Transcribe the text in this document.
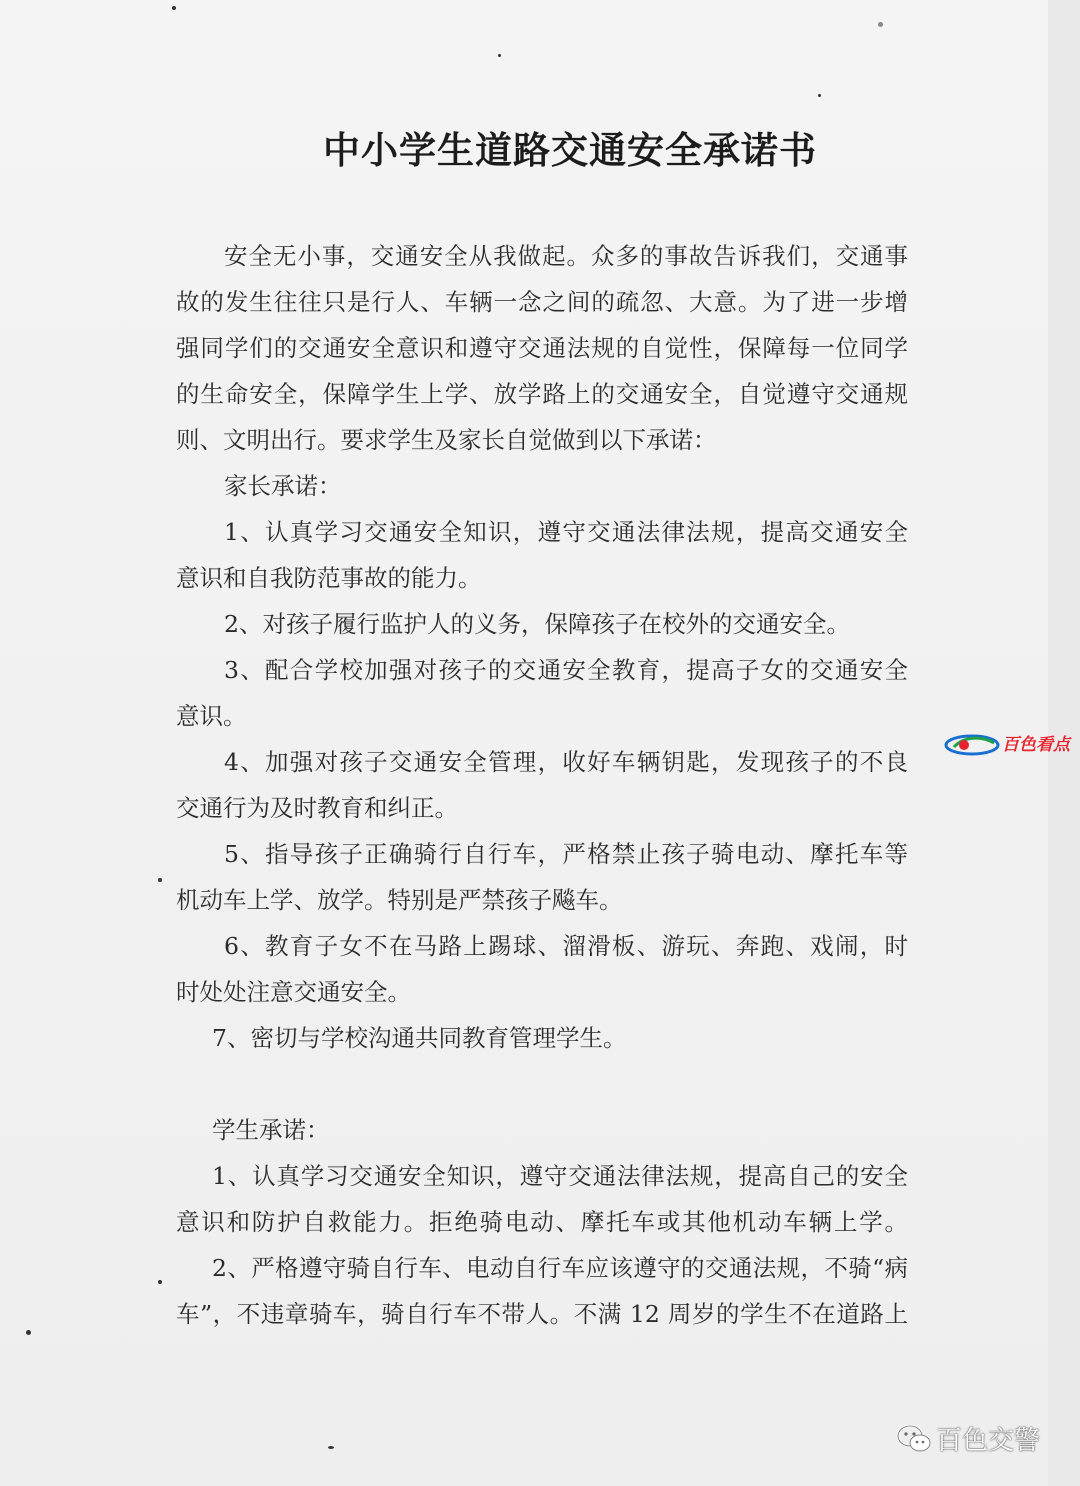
中小学生道路交通安全承诺书
安全无小事，交通安全从我做起。众多的事故告诉我们，交通事
故的发生往往只是行人、车辆一念之间的疏忽、大意。为了进一步增
强同学们的交通安全意识和遵守交通法规的自觉性，保障每一位同学
的生命安全，保障学生上学、放学路上的交通安全，自觉遵守交通规
则、文明出行。要求学生及家长自觉做到以下承诺：
家长承诺：
1、认真学习交通安全知识，遵守交通法律法规，提高交通安全
意识和自我防范事故的能力。
2、对孩子履行监护人的义务，保障孩子在校外的交通安全。
3、配合学校加强对孩子的交通安全教育，提高子女的交通安全
意识。
4、加强对孩子交通安全管理，收好车辆钥匙，发现孩子的不良
交通行为及时教育和纠正。
5、指导孩子正确骑行自行车，严格禁止孩子骑电动、摩托车等
机动车上学、放学。特别是严禁孩子飚车。
6、教育子女不在马路上踢球、溜滑板、游玩、奔跑、戏闹，时
时处处注意交通安全。
7、密切与学校沟通共同教育管理学生。
学生承诺：
1、认真学习交通安全知识，遵守交通法律法规，提高自己的安全
意识和防护自救能力。拒绝骑电动、摩托车或其他机动车辆上学。
2、严格遵守骑自行车、电动自行车应该遵守的交通法规，不骑“病
车”，不违章骑车，骑自行车不带人。不满 12 周岁的学生不在道路上
百色看点
百色交警
